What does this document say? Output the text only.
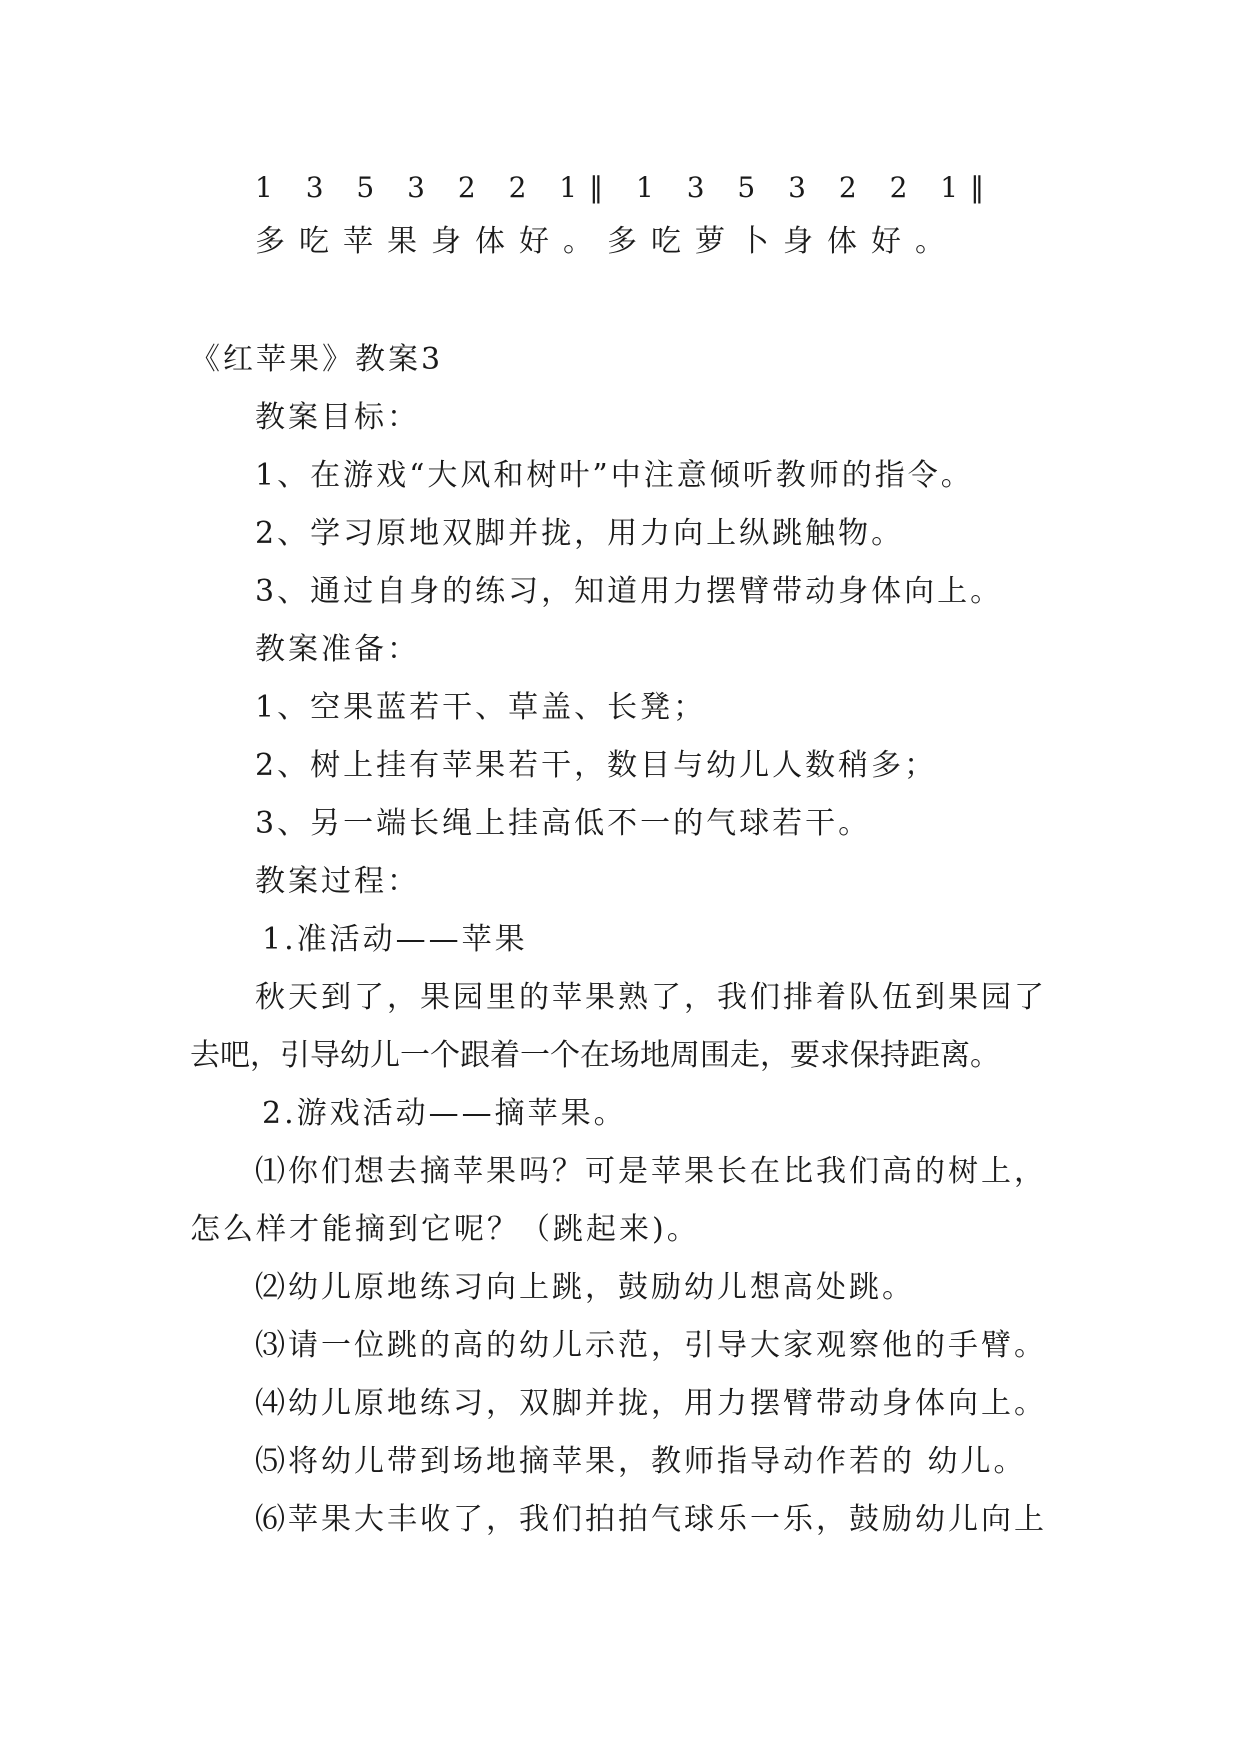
1 3 5 3 2 2 1‖ 1 3 5 3 2 2 1‖
多吃苹果身体好。多吃萝卜身体好。
《红苹果》教案3
教案目标：
1、在游戏“大风和树叶”中注意倾听教师的指令。
2、学习原地双脚并拢，用力向上纵跳触物。
3、通过自身的练习，知道用力摆臂带动身体向上。
教案准备：
1、空果蓝若干、草盖、长凳；
2、树上挂有苹果若干，数目与幼儿人数稍多；
3、另一端长绳上挂高低不一的气球若干。
教案过程：
1.准活动——苹果
秋天到了，果园里的苹果熟了，我们排着队伍到果园了
去吧，引导幼儿一个跟着一个在场地周围走，要求保持距离。
2.游戏活动——摘苹果。
⑴你们想去摘苹果吗？可是苹果长在比我们高的树上，
怎么样才能摘到它呢？（跳起来)。
⑵幼儿原地练习向上跳，鼓励幼儿想高处跳。
⑶请一位跳的高的幼儿示范，引导大家观察他的手臂。
⑷幼儿原地练习，双脚并拢，用力摆臂带动身体向上。
⑸将幼儿带到场地摘苹果，教师指导动作若的 幼儿。
⑹苹果大丰收了，我们拍拍气球乐一乐，鼓励幼儿向上
